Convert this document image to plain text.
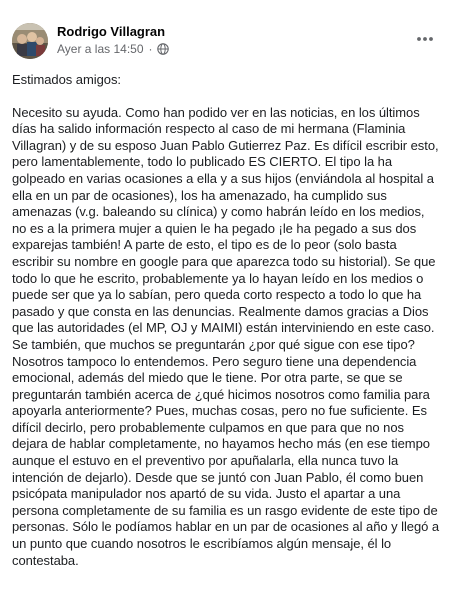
Rodrigo Villagran
Ayer a las 14:50 ·

Estimados amigos:

Necesito su ayuda. Como han podido ver en las noticias, en los últimos días ha salido información respecto al caso de mi hermana (Flaminia Villagran) y de su esposo Juan Pablo Gutierrez Paz. Es difícil escribir esto, pero lamentablemente, todo lo publicado ES CIERTO. El tipo la ha golpeado en varias ocasiones a ella y a sus hijos (enviándola al hospital a ella en un par de ocasiones), los ha amenazado, ha cumplido sus amenazas (v.g. baleando su clínica) y como habrán leído en los medios, no es a la primera mujer a quien le ha pegado ¡le ha pegado a sus dos exparejas también! A parte de esto, el tipo es de lo peor (solo basta escribir su nombre en google para que aparezca todo su historial). Se que todo lo que he escrito, probablemente ya lo hayan leído en los medios o puede ser que ya lo sabían, pero queda corto respecto a todo lo que ha pasado y que consta en las denuncias. Realmente damos gracias a Dios que las autoridades (el MP, OJ y MAIMI) están interviniendo en este caso. Se también, que muchos se preguntarán ¿por qué sigue con ese tipo? Nosotros tampoco lo entendemos. Pero seguro tiene una dependencia emocional, además del miedo que le tiene. Por otra parte, se que se preguntarán también acerca de ¿qué hicimos nosotros como familia para apoyarla anteriormente? Pues, muchas cosas, pero no fue suficiente. Es difícil decirlo, pero probablemente culpamos en que para que no nos dejara de hablar completamente, no hayamos hecho más (en ese tiempo aunque el estuvo en el preventivo por apuñalarla, ella nunca tuvo la intención de dejarlo). Desde que se juntó con Juan Pablo, él como buen psicópata manipulador nos apartó de su vida. Justo el apartar a una persona completamente de su familia es un rasgo evidente de este tipo de personas. Sólo le podíamos hablar en un par de ocasiones al año y llegó a un punto que cuando nosotros le escribíamos algún mensaje, él lo contestaba.
